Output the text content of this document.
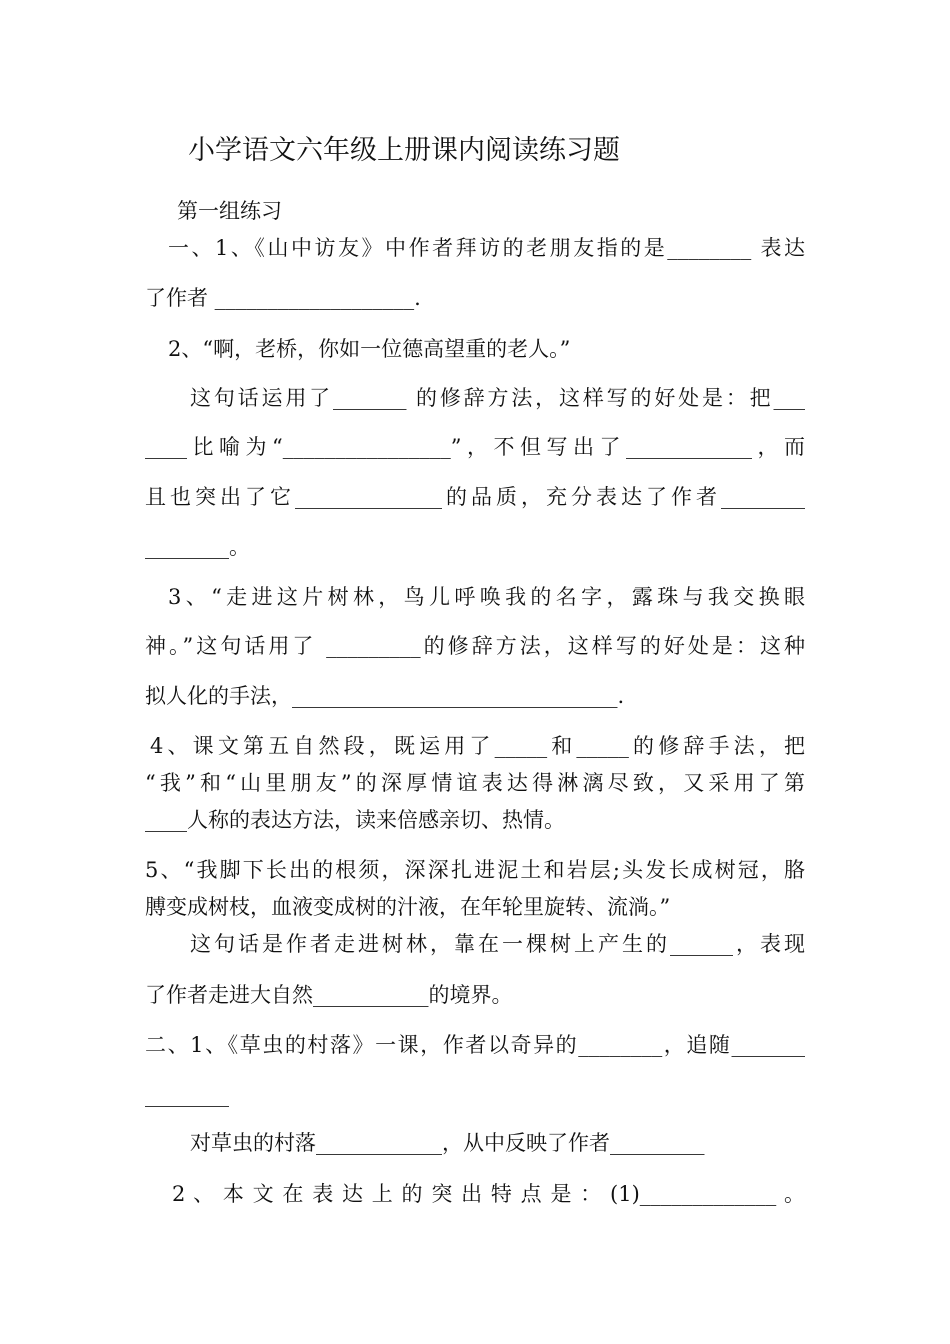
小学语文六年级上册课内阅读练习题
第一组练习
一、1、《山中访友》中作者拜访的老朋友指的是________ 表达
了作者 ___________________.
2、“啊，老桥，你如一位德高望重的老人。”
这句话运用了_______ 的修辞方法，这样写的好处是：把___
____比喻为“________________”，不但写出了____________，而
且也突出了它______________的品质，充分表达了作者________
________。
3、“走进这片树林，鸟儿呼唤我的名字，露珠与我交换眼
神。”这句话用了 _________的修辞方法，这样写的好处是：这种
拟人化的手法，_______________________________.
4、课文第五自然段，既运用了_____和_____的修辞手法，把
“我”和“山里朋友”的深厚情谊表达得淋漓尽致，又采用了第
____人称的表达方法，读来倍感亲切、热情。
5、“我脚下长出的根须，深深扎进泥土和岩层;头发长成树冠，胳
膊变成树枝，血液变成树的汁液，在年轮里旋转、流淌。”
这句话是作者走进树林，靠在一棵树上产生的______，表现
了作者走进大自然___________的境界。
二、1、《草虫的村落》一课，作者以奇异的________，追随_______
________
对草虫的村落____________，从中反映了作者_________
2 、 本 文 在 表 达 上 的 突 出 特 点 是 ： (1)_____________ 。
